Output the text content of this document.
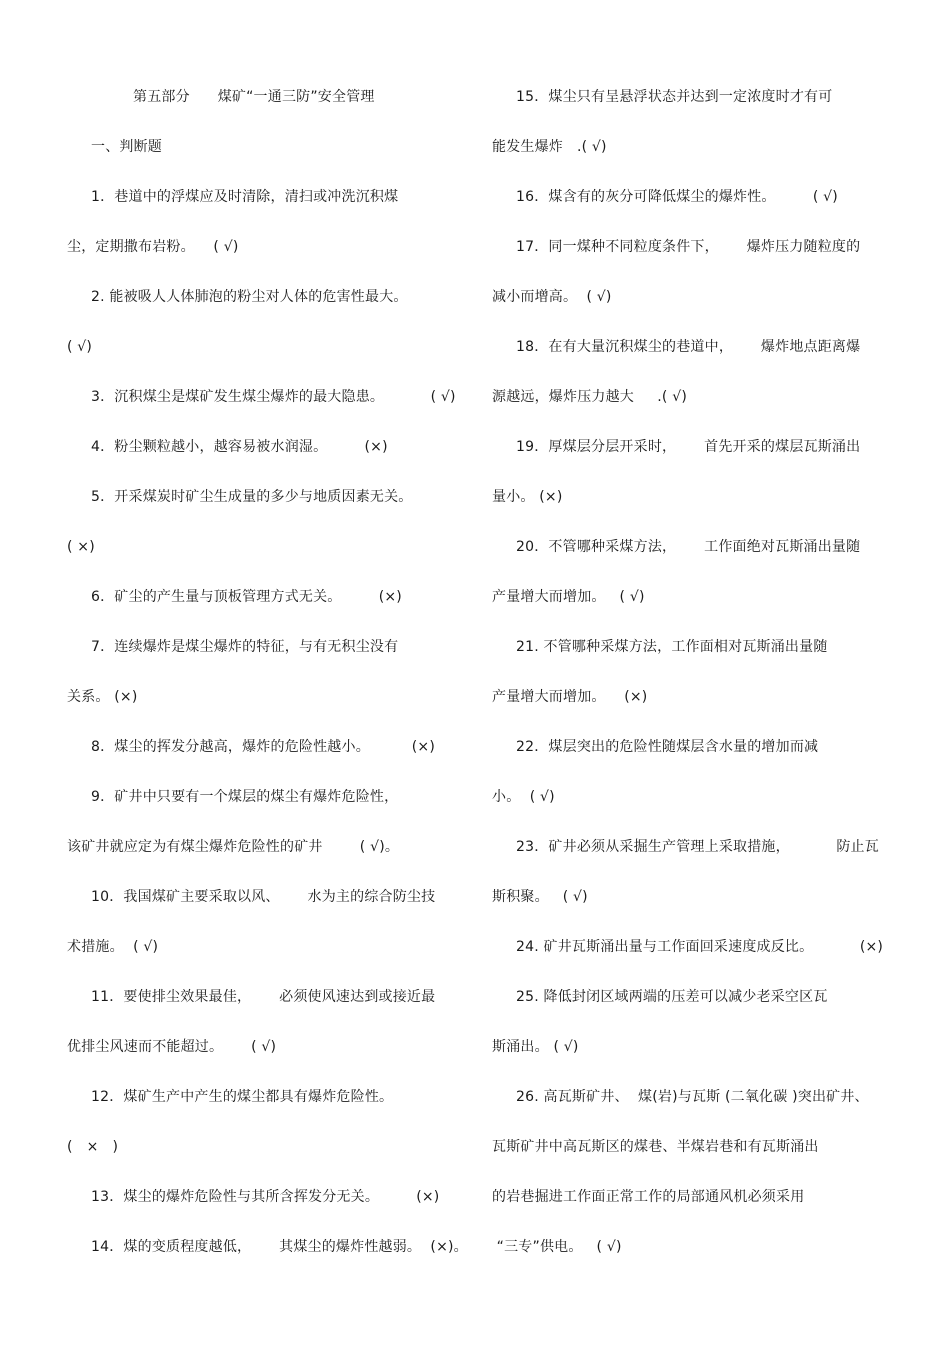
第五部分      煤矿“一通三防”安全管理
一、判断题
1．巷道中的浮煤应及时清除，清扫或冲洗沉积煤
尘，定期撒布岩粉。    ( √)
2. 能被吸人人体肺泡的粉尘对人体的危害性最大。
( √)
3．沉积煤尘是煤矿发生煤尘爆炸的最大隐患。          ( √)
4．粉尘颗粒越小，越容易被水润湿。        (×)
5．开采煤炭时矿尘生成量的多少与地质因素无关。
( ×)
6．矿尘的产生量与顶板管理方式无关。        (×)
7．连续爆炸是煤尘爆炸的特征，与有无积尘没有
关系。 (×)
8．煤尘的挥发分越高，爆炸的危险性越小。         (×)
9．矿井中只要有一个煤层的煤尘有爆炸危险性，
该矿井就应定为有煤尘爆炸危险性的矿井        ( √)。
10．我国煤矿主要采取以风、      水为主的综合防尘技
术措施。  ( √)
11．要使排尘效果最佳，      必须使风速达到或接近最
优排尘风速而不能超过。      ( √)
12．煤矿生产中产生的煤尘都具有爆炸危险性。
(   ×   )
13．煤尘的爆炸危险性与其所含挥发分无关。        (×)
14．煤的变质程度越低，      其煤尘的爆炸性越弱。  (×)。
15．煤尘只有呈悬浮状态并达到一定浓度时才有可
能发生爆炸   .( √)
16．煤含有的灰分可降低煤尘的爆炸性。        ( √)
17．同一煤种不同粒度条件下，      爆炸压力随粒度的
减小而增高。  ( √)
18．在有大量沉积煤尘的巷道中，      爆炸地点距离爆
源越远，爆炸压力越大     .( √)
19．厚煤层分层开采时，      首先开采的煤层瓦斯涌出
量小。 (×)
20．不管哪种采煤方法，      工作面绝对瓦斯涌出量随
产量增大而增加。   ( √)
21. 不管哪种采煤方法，工作面相对瓦斯涌出量随
产量增大而增加。    (×)
22．煤层突出的危险性随煤层含水量的增加而减
小。  ( √)
23．矿井必须从采掘生产管理上采取措施，          防止瓦
斯积聚。   ( √)
24. 矿井瓦斯涌出量与工作面回采速度成反比。          (×)
25. 降低封闭区域两端的压差可以减少老采空区瓦
斯涌出。 ( √)
26. 高瓦斯矿井、  煤(岩)与瓦斯 (二氧化碳 )突出矿井、
瓦斯矿井中高瓦斯区的煤巷、半煤岩巷和有瓦斯涌出
的岩巷掘进工作面正常工作的局部通风机必须采用
“三专”供电。   ( √)
